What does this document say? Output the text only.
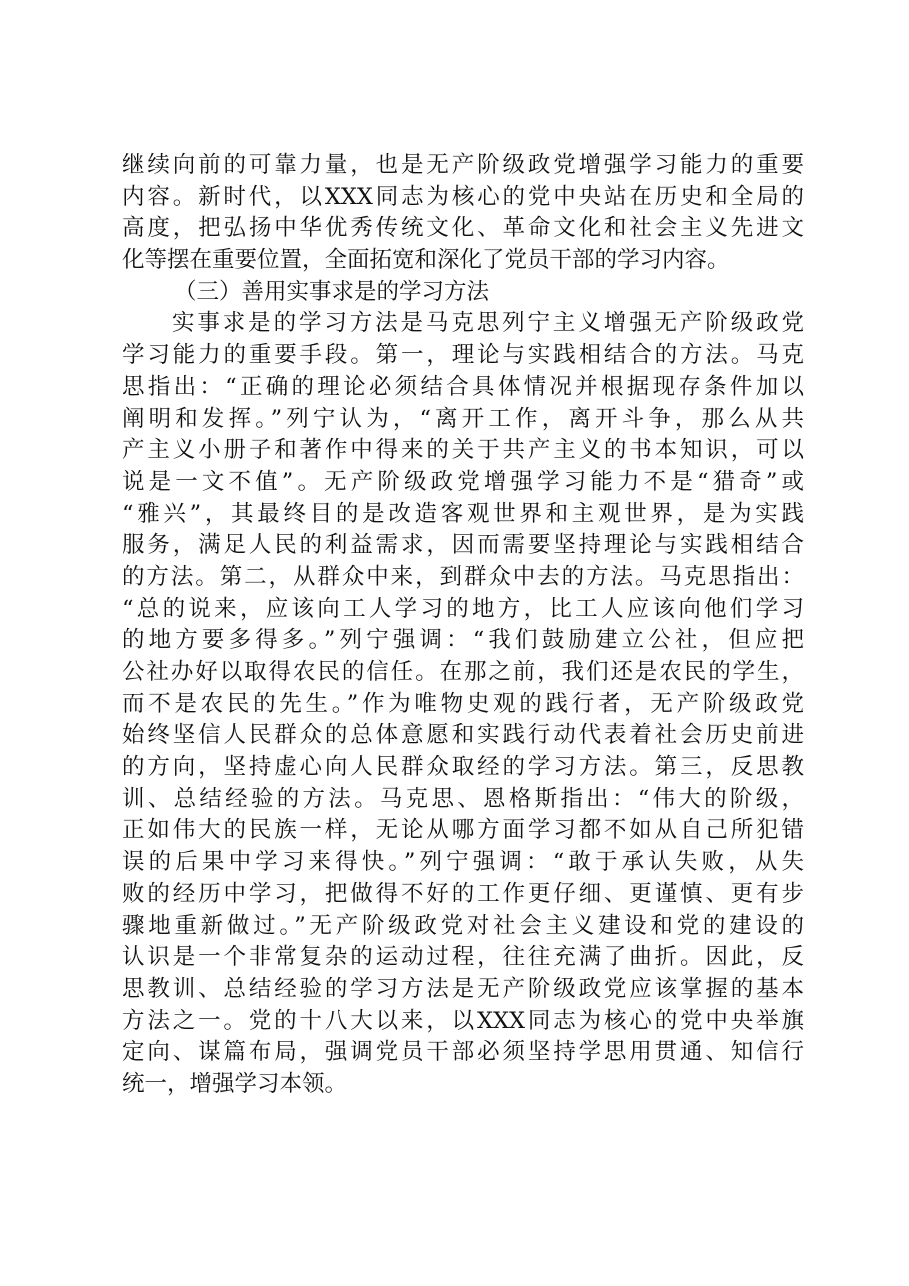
继续向前的可靠力量，也是无产阶级政党增强学习能力的重要
内容。新时代，以XXX同志为核心的党中央站在历史和全局的
高度，把弘扬中华优秀传统文化、革命文化和社会主义先进文
化等摆在重要位置，全面拓宽和深化了党员干部的学习内容。
（三）善用实事求是的学习方法
实事求是的学习方法是马克思列宁主义增强无产阶级政党
学习能力的重要手段。第一，理论与实践相结合的方法。马克
思指出：“正确的理论必须结合具体情况并根据现存条件加以
阐明和发挥。”列宁认为，“离开工作，离开斗争，那么从共
产主义小册子和著作中得来的关于共产主义的书本知识，可以
说是一文不值”。无产阶级政党增强学习能力不是“猎奇”或
“雅兴”，其最终目的是改造客观世界和主观世界，是为实践
服务，满足人民的利益需求，因而需要坚持理论与实践相结合
的方法。第二，从群众中来，到群众中去的方法。马克思指出：
“总的说来，应该向工人学习的地方，比工人应该向他们学习
的地方要多得多。”列宁强调：“我们鼓励建立公社，但应把
公社办好以取得农民的信任。在那之前，我们还是农民的学生，
而不是农民的先生。”作为唯物史观的践行者，无产阶级政党
始终坚信人民群众的总体意愿和实践行动代表着社会历史前进
的方向，坚持虚心向人民群众取经的学习方法。第三，反思教
训、总结经验的方法。马克思、恩格斯指出：“伟大的阶级，
正如伟大的民族一样，无论从哪方面学习都不如从自己所犯错
误的后果中学习来得快。”列宁强调：“敢于承认失败，从失
败的经历中学习，把做得不好的工作更仔细、更谨慎、更有步
骤地重新做过。”无产阶级政党对社会主义建设和党的建设的
认识是一个非常复杂的运动过程，往往充满了曲折。因此，反
思教训、总结经验的学习方法是无产阶级政党应该掌握的基本
方法之一。党的十八大以来，以XXX同志为核心的党中央举旗
定向、谋篇布局，强调党员干部必须坚持学思用贯通、知信行
统一，增强学习本领。
